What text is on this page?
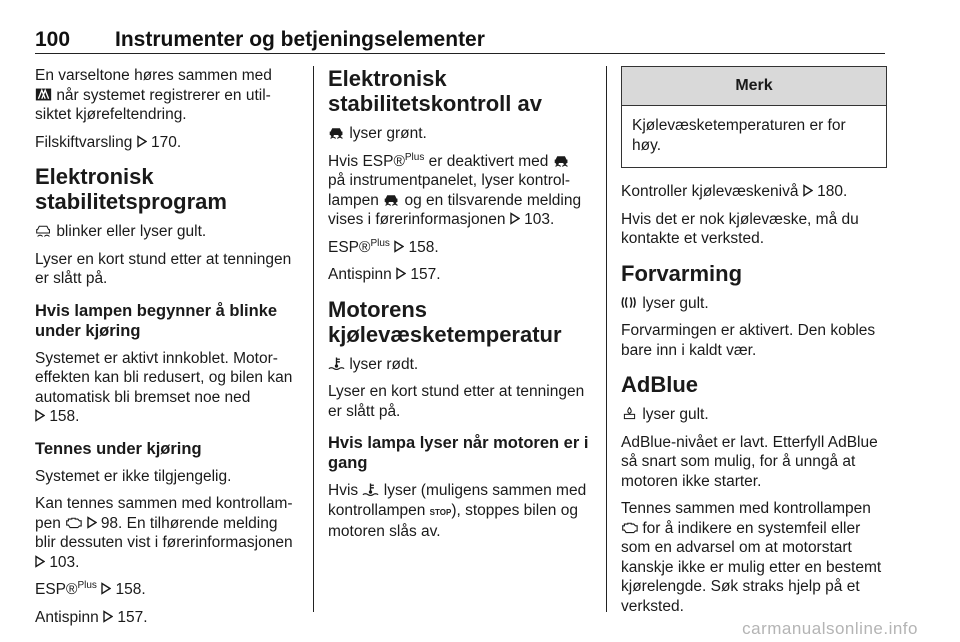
100 Instrumenter og betjeningselementer

En varseltone høres sammen med
når systemet registrerer en util-siktet kjørefeltendring.

Filskiftvarsling 170.

Elektronisk stabilitetsprogram

blinker eller lyser gult.

Lyser en kort stund etter at tenningen er slått på.

Hvis lampen begynner å blinke under kjøring

Systemet er aktivt innkoblet. Motor-effekten kan bli redusert, og bilen kan automatisk bli bremset noe ned
158.

Tennes under kjøring

Systemet er ikke tilgjengelig.

Kan tennes sammen med kontrollam-pen	98. En tilhørende melding blir dessuten vist i førerinformasjonen
103.

ESP®$^{Plus}$ 158.

Antispinn 157.

Elektronisk stabilitetskontroll av

lyser grønt.

Hvis ESP®$^{Plus}$ er deaktivert med  på instrumentpanelet, lyser kontrol-lampen og en tilsvarende melding vises i førerinformasjonen 103.

ESP®$^{Plus}$ 158.

Antispinn 157.

Motorens kjølevæsketemperatur

lyser rødt.

Lyser en kort stund etter at tenningen er slått på.

Hvis lampa lyser når motoren er i gang

Hvis lyser (muligens sammen med kontrollampen STOP), stoppes bilen og motoren slås av.

Merk

Kjølevæsketemperaturen er for høy.

Kontroller kjølevæskenivå 180.

Hvis det er nok kjølevæske, må du kontakte et verksted.

Forvarming

lyser gult.

Forvarmingen er aktivert. Den kobles bare inn i kaldt vær.

AdBlue

lyser gult.

AdBlue-nivået er lavt. Etterfyll AdBlue så snart som mulig, for å unngå at motoren ikke starter.

Tennes sammen med kontrollampen
for å indikere en systemfeil eller som en advarsel om at motorstart kanskje ikke er mulig etter en bestemt kjørelengde. Søk straks hjelp på et verksted.

carmanualsonline.info
